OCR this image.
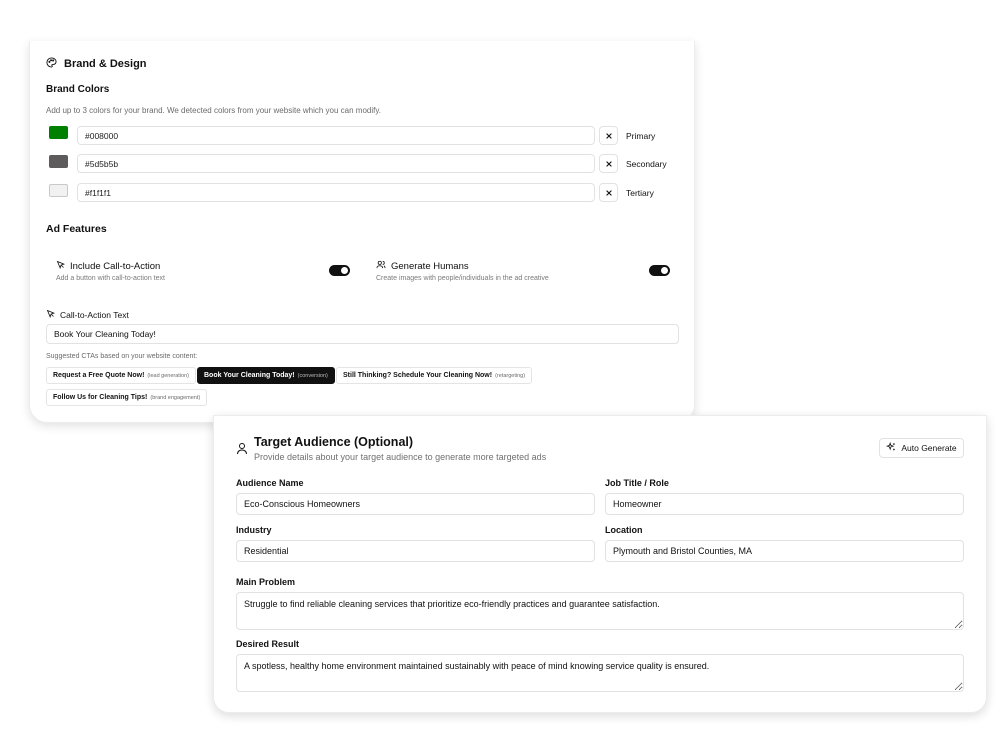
Brand & Design
Brand Colors
Add up to 3 colors for your brand. We detected colors from your website which you can modify.
#008000
Primary
#5d5b5b
Secondary
#f1f1f1
Tertiary
Ad Features
Include Call-to-Action
Add a button with call-to-action text
Generate Humans
Create images with people/individuals in the ad creative
Call-to-Action Text
Book Your Cleaning Today!
Suggested CTAs based on your website content:
Request a Free Quote Now! (lead generation) Book Your Cleaning Today! (conversion) Still Thinking? Schedule Your Cleaning Now! (retargeting)
Follow Us for Cleaning Tips! (brand engagement)
Target Audience (Optional)
Provide details about your target audience to generate more targeted ads
Auto Generate
Audience Name
Eco-Conscious Homeowners	Job Title / Role
Homeowner
Industry
Residential	Location
Plymouth and Bristol Counties, MA
Main Problem
Struggle to find reliable cleaning services that prioritize eco-friendly practices and guarantee satisfaction.
Desired Result
A spotless, healthy home environment maintained sustainably with peace of mind knowing service quality is ensured.
